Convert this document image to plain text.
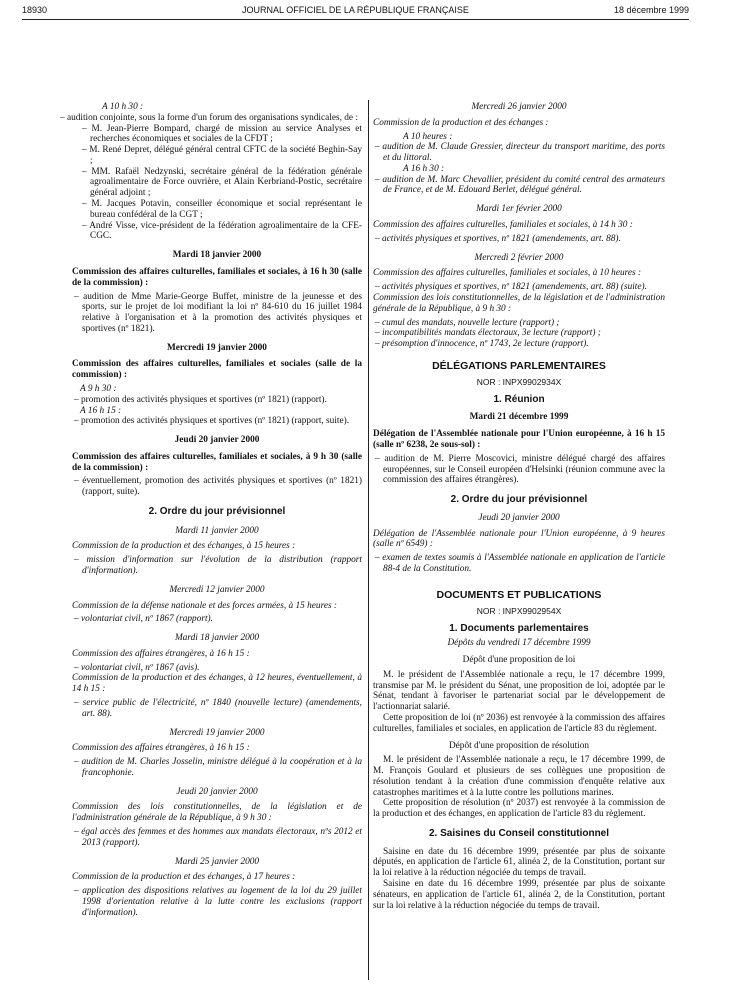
18930	JOURNAL OFFICIEL DE LA RÉPUBLIQUE FRANÇAISE	18 décembre 1999

A 10 h 30 :

– audition conjointe, sous la forme d'un forum des organisations syndicales, de :

– M. Jean-Pierre Bompard, chargé de mission au service Analyses et recherches économiques et sociales de la CFDT ;

– M. René Depret, délégué général central CFTC de la société Beghin-Say ;

– MM. Rafaël Nedzynski, secrétaire général de la fédération générale agroalimentaire de Force ouvrière, et Alain Kerbriand-Postic, secrétaire général adjoint ;

– M. Jacques Potavin, conseiller économique et social représentant le bureau confédéral de la CGT ;

– André Visse, vice-président de la fédération agroalimentaire de la CFE-CGC.

Mardi 18 janvier 2000

Commission des affaires culturelles, familiales et sociales, à 16 h 30 (salle de la commission) :

– audition de Mme Marie-George Buffet, ministre de la jeunesse et des sports, sur le projet de loi modifiant la loi nº 84-610 du 16 juillet 1984 relative à l'organisation et à la promotion des activités physiques et sportives (nº 1821).

Mercredi 19 janvier 2000

Commission des affaires culturelles, familiales et sociales (salle de la commission) :

A 9 h 30 :

– promotion des activités physiques et sportives (nº 1821) (rapport).

A 16 h 15 :

– promotion des activités physiques et sportives (nº 1821) (rapport, suite).

Jeudi 20 janvier 2000

Commission des affaires culturelles, familiales et sociales, à 9 h 30 (salle de la commission) :

– éventuellement, promotion des activités physiques et sportives (nº 1821) (rapport, suite).

2. Ordre du jour prévisionnel

Mardi 11 janvier 2000

Commission de la production et des échanges, à 15 heures :

– mission d'information sur l'évolution de la distribution (rapport d'information).

Mercredi 12 janvier 2000

Commission de la défense nationale et des forces armées, à 15 heures :

– volontariat civil, nº 1867 (rapport).

Mardi 18 janvier 2000

Commission des affaires étrangères, à 16 h 15 :

– volontariat civil, nº 1867 (avis).

Commission de la production et des échanges, à 12 heures, éventuellement, à 14 h 15 :

– service public de l'électricité, nº 1840 (nouvelle lecture) (amendements, art. 88).

Mercredi 19 janvier 2000

Commission des affaires étrangères, à 16 h 15 :

– audition de M. Charles Josselin, ministre délégué à la coopération et à la francophonie.

Jeudi 20 janvier 2000

Commission des lois constitutionnelles, de la législation et de l'administration générale de la République, à 9 h 30 :

– égal accès des femmes et des hommes aux mandats électoraux, nºs 2012 et 2013 (rapport).

Mardi 25 janvier 2000

Commission de la production et des échanges, à 17 heures :

– application des dispositions relatives au logement de la loi du 29 juillet 1998 d'orientation relative à la lutte contre les exclusions (rapport d'information).

Mercredi 26 janvier 2000

Commission de la production et des échanges :

A 10 heures :

– audition de M. Claude Gressier, directeur du transport maritime, des ports et du littoral.

A 16 h 30 :

– audition de M. Marc Chevallier, président du comité central des armateurs de France, et de M. Edouard Berlet, délégué général.

Mardi 1er février 2000

Commission des affaires culturelles, familiales et sociales, à 14 h 30 :

– activités physiques et sportives, nº 1821 (amendements, art. 88).

Mercredi 2 février 2000

Commission des affaires culturelles, familiales et sociales, à 10 heures :

– activités physiques et sportives, nº 1821 (amendements, art. 88) (suite).

Commission des lois constitutionnelles, de la législation et de l'administration générale de la République, à 9 h 30 :

– cumul des mandats, nouvelle lecture (rapport) ;

– incompatibilités mandats électoraux, 3e lecture (rapport) ;

– présomption d'innocence, nº 1743, 2e lecture (rapport).

DÉLÉGATIONS PARLEMENTAIRES

NOR : INPX9902934X

1. Réunion

Mardi 21 décembre 1999

Délégation de l'Assemblée nationale pour l'Union européenne, à 16 h 15 (salle nº 6238, 2e sous-sol) :

– audition de M. Pierre Moscovici, ministre délégué chargé des affaires européennes, sur le Conseil européen d'Helsinki (réunion commune avec la commission des affaires étrangères).

2. Ordre du jour prévisionnel

Jeudi 20 janvier 2000

Délégation de l'Assemblée nationale pour l'Union européenne, à 9 heures (salle nº 6549) :

– examen de textes soumis à l'Assemblée nationale en application de l'article 88-4 de la Constitution.

DOCUMENTS ET PUBLICATIONS

NOR : INPX9902954X

1. Documents parlementaires

Dépôts du vendredi 17 décembre 1999

Dépôt d'une proposition de loi

M. le président de l'Assemblée nationale a reçu, le 17 décembre 1999, transmise par M. le président du Sénat, une proposition de loi, adoptée par le Sénat, tendant à favoriser le partenariat social par le développement de l'actionnariat salarié.

Cette proposition de loi (nº 2036) est renvoyée à la commission des affaires culturelles, familiales et sociales, en application de l'article 83 du règlement.

Dépôt d'une proposition de résolution

M. le président de l'Assemblée nationale a reçu, le 17 décembre 1999, de M. François Goulard et plusieurs de ses collègues une proposition de résolution tendant à la création d'une commission d'enquête relative aux catastrophes maritimes et à la lutte contre les pollutions marines.

Cette proposition de résolution (nº 2037) est renvoyée à la commission de la production et des échanges, en application de l'article 83 du règlement.

2. Saisines du Conseil constitutionnel

Saisine en date du 16 décembre 1999, présentée par plus de soixante députés, en application de l'article 61, alinéa 2, de la Constitution, portant sur la loi relative à la réduction négociée du temps de travail.

Saisine en date du 16 décembre 1999, présentée par plus de soixante sénateurs, en application de l'article 61, alinéa 2, de la Constitution, portant sur la loi relative à la réduction négociée du temps de travail.
